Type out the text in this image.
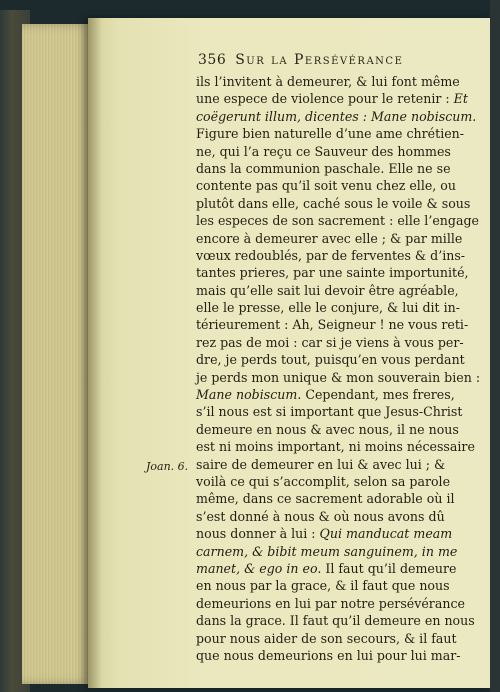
356 Sur la Persévérance
Joan. 6.
ils l’invitent à demeurer, & lui font même
une espece de violence pour le retenir : Et
coëgerunt illum, dicentes : Mane nobiscum.
Figure bien naturelle d’une ame chrétien-
ne, qui l’a reçu ce Sauveur des hommes
dans la communion paschale. Elle ne se
contente pas qu’il soit venu chez elle, ou
plutôt dans elle, caché sous le voile & sous
les especes de son sacrement : elle l’engage
encore à demeurer avec elle ; & par mille
vœux redoublés, par de ferventes & d’ins-
tantes prieres, par une sainte importunité,
mais qu’elle sait lui devoir être agréable,
elle le presse, elle le conjure, & lui dit in-
térieurement : Ah, Seigneur ! ne vous reti-
rez pas de moi : car si je viens à vous per-
dre, je perds tout, puisqu’en vous perdant
je perds mon unique & mon souverain bien :
Mane nobiscum. Cependant, mes freres,
s’il nous est si important que Jesus-Christ
demeure en nous & avec nous, il ne nous
est ni moins important, ni moins nécessaire
saire de demeurer en lui & avec lui ; &
voilà ce qui s’accomplit, selon sa parole
même, dans ce sacrement adorable où il
s’est donné à nous & où nous avons dû
nous donner à lui : Qui manducat meam
carnem, & bibit meum sanguinem, in me
manet, & ego in eo. Il faut qu’il demeure
en nous par la grace, & il faut que nous
demeurions en lui par notre persévérance
dans la grace. Il faut qu’il demeure en nous
pour nous aider de son secours, & il faut
que nous demeurions en lui pour lui mar-
